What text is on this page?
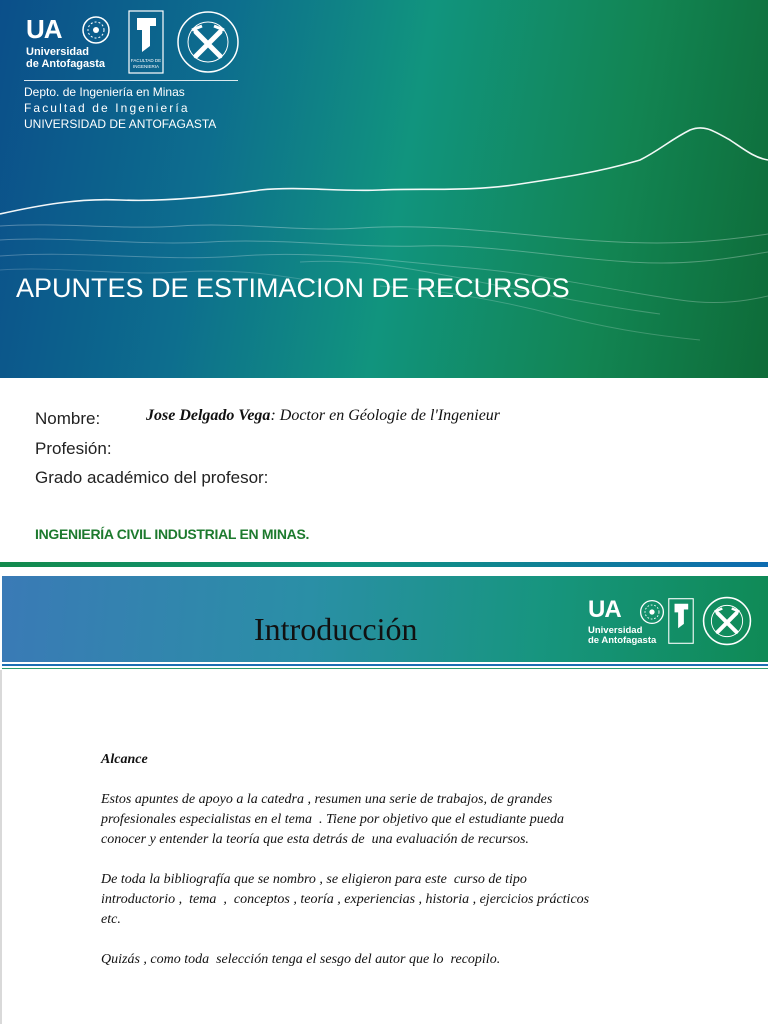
UA
Universidad
de Antofagasta	FACULTAD DE
INGENIERIA
Depto. de Ingeniería en Minas
Facultad de Ingeniería
UNIVERSIDAD DE ANTOFAGASTA
APUNTES DE ESTIMACION DE RECURSOS
Nombre:	Jose Delgado Vega: Doctor en Géologie de l'Ingenieur
Profesión:
Grado académico del profesor:
INGENIERÍA CIVIL INDUSTRIAL EN MINAS.
Introducción
UA
Universidad
de Antofagasta

Alcance

Estos apuntes de apoyo a la catedra , resumen una serie de trabajos, de grandes

profesionales especialistas en el tema  . Tiene por objetivo que el estudiante pueda

conocer y entender la teoría que esta detrás de  una evaluación de recursos.

De toda la bibliografía que se nombro , se eligieron para este  curso de tipo

introductorio ,  tema  ,  conceptos , teoría , experiencias , historia , ejercicios prácticos

etc.

Quizás , como toda  selección tenga el sesgo del autor que lo  recopilo.
